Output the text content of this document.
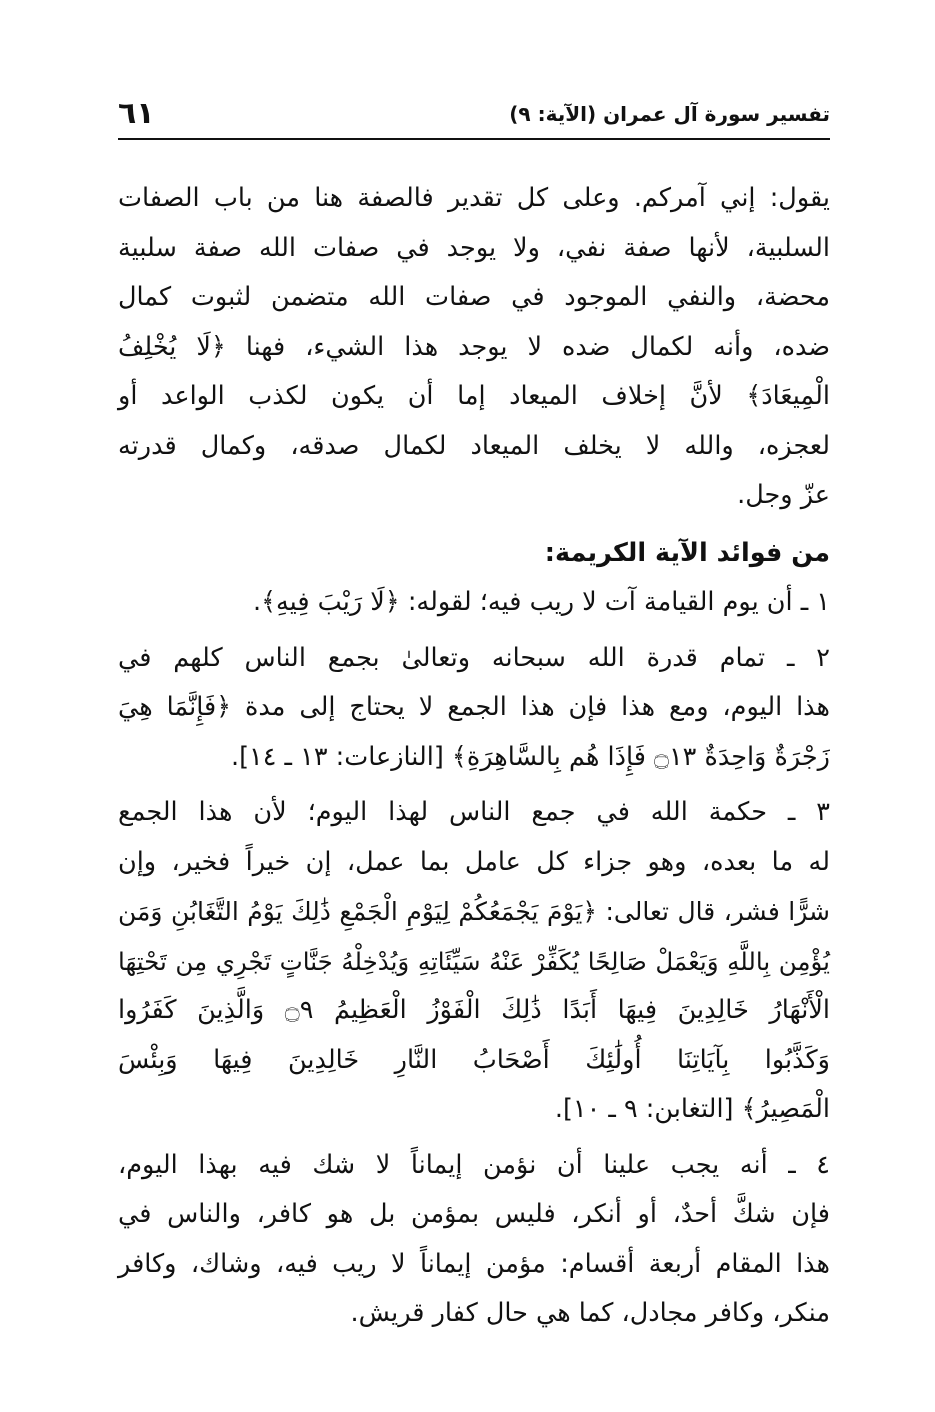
تفسير سورة آل عمران (الآية: ٩)
٦١

يقول: إني آمركم. وعلى كل تقدير فالصفة هنا من باب الصفات
السلبية، لأنها صفة نفي، ولا يوجد في صفات الله صفة سلبية
محضة، والنفي الموجود في صفات الله متضمن لثبوت كمال
ضده، وأنه لكمال ضده لا يوجد هذا الشيء، فهنا ﴿لَا يُخْلِفُ
الْمِيعَادَ﴾ لأنَّ إخلاف الميعاد إما أن يكون لكذب الواعد أو
لعجزه، والله لا يخلف الميعاد لكمال صدقه، وكمال قدرته
عزّ وجل.

من فوائد الآية الكريمة:

١ ـ أن يوم القيامة آت لا ريب فيه؛ لقوله: ﴿لَا رَيْبَ فِيهِ﴾.

٢ ـ تمام قدرة الله سبحانه وتعالىٰ بجمع الناس كلهم في
هذا اليوم، ومع هذا فإن هذا الجمع لا يحتاج إلى مدة ﴿فَإِنَّمَا هِيَ
زَجْرَةٌ وَاحِدَةٌ ۝١٣ فَإِذَا هُم بِالسَّاهِرَةِ﴾ [النازعات: ١٣ ـ ١٤].

٣ ـ حكمة الله في جمع الناس لهذا اليوم؛ لأن هذا الجمع
له ما بعده، وهو جزاء كل عامل بما عمل، إن خيراً فخير، وإن
شرًّا فشر، قال تعالى: ﴿يَوْمَ يَجْمَعُكُمْ لِيَوْمِ الْجَمْعِ ذَٰلِكَ يَوْمُ التَّغَابُنِ وَمَن
يُؤْمِن بِاللَّهِ وَيَعْمَلْ صَالِحًا يُكَفِّرْ عَنْهُ سَيِّئَاتِهِ وَيُدْخِلْهُ جَنَّاتٍ تَجْرِي مِن تَحْتِهَا
الْأَنْهَارُ خَالِدِينَ فِيهَا أَبَدًا ذَٰلِكَ الْفَوْزُ الْعَظِيمُ ۝٩ وَالَّذِينَ كَفَرُوا
وَكَذَّبُوا بِآيَاتِنَا أُولَٰئِكَ أَصْحَابُ النَّارِ خَالِدِينَ فِيهَا وَبِئْسَ
الْمَصِيرُ﴾ [التغابن: ٩ ـ ١٠].

٤ ـ أنه يجب علينا أن نؤمن إيماناً لا شك فيه بهذا اليوم،
فإن شكَّ أحدٌ، أو أنكر، فليس بمؤمن بل هو كافر، والناس في
هذا المقام أربعة أقسام: مؤمن إيماناً لا ريب فيه، وشاك، وكافر
منكر، وكافر مجادل، كما هي حال كفار قريش.
